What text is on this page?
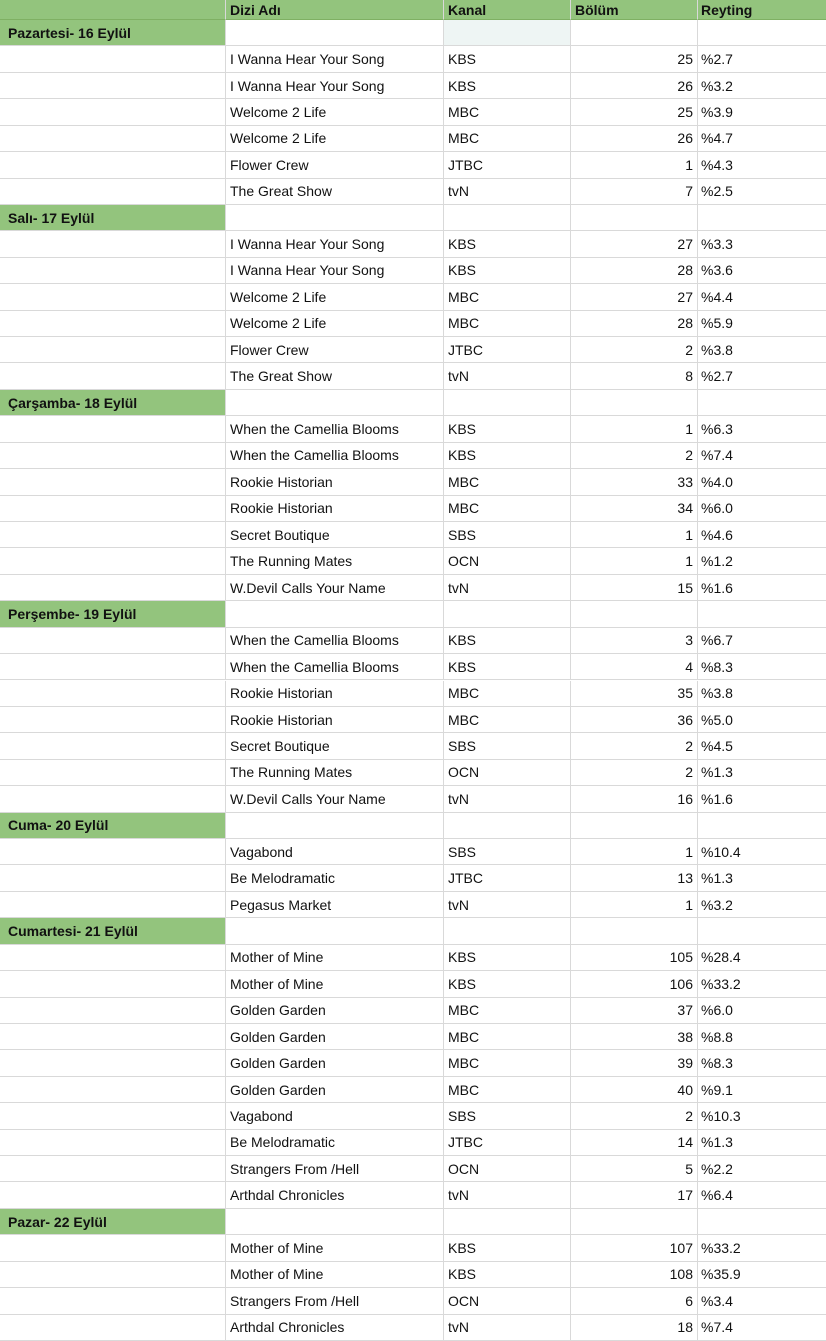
Dizi Adı	Kanal	Bölüm	Reyting
Pazartesi- 16 Eylül
I Wanna Hear Your Song	KBS	25 %2.7
I Wanna Hear Your Song	KBS	26 %3.2
Welcome 2 Life	MBC	25 %3.9
Welcome 2 Life	MBC	26 %4.7
Flower Crew	JTBC	1 %4.3
The Great Show	tvN	7 %2.5
Salı- 17 Eylül
I Wanna Hear Your Song	KBS	27 %3.3
I Wanna Hear Your Song	KBS	28 %3.6
Welcome 2 Life	MBC	27 %4.4
Welcome 2 Life	MBC	28 %5.9
Flower Crew	JTBC	2 %3.8
The Great Show	tvN	8 %2.7
Çarşamba- 18 Eylül
When the Camellia Blooms	KBS	1 %6.3
When the Camellia Blooms	KBS	2 %7.4
Rookie Historian	MBC	33 %4.0
Rookie Historian	MBC	34 %6.0
Secret Boutique	SBS	1 %4.6
The Running Mates	OCN	1 %1.2
W.Devil Calls Your Name	tvN	15 %1.6
Perşembe- 19 Eylül
When the Camellia Blooms	KBS	3 %6.7
When the Camellia Blooms	KBS	4 %8.3
Rookie Historian	MBC	35 %3.8
Rookie Historian	MBC	36 %5.0
Secret Boutique	SBS	2 %4.5
The Running Mates	OCN	2 %1.3
W.Devil Calls Your Name	tvN	16 %1.6
Cuma- 20 Eylül
Vagabond	SBS	1 %10.4
Be Melodramatic	JTBC	13 %1.3
Pegasus Market	tvN	1 %3.2
Cumartesi- 21 Eylül
Mother of Mine	KBS	105 %28.4
Mother of Mine	KBS	106 %33.2
Golden Garden	MBC	37 %6.0
Golden Garden	MBC	38 %8.8
Golden Garden	MBC	39 %8.3
Golden Garden	MBC	40 %9.1
Vagabond	SBS	2 %10.3
Be Melodramatic	JTBC	14 %1.3
Strangers From /Hell	OCN	5 %2.2
Arthdal Chronicles	tvN	17 %6.4
Pazar- 22 Eylül
Mother of Mine	KBS	107 %33.2
Mother of Mine	KBS	108 %35.9
Strangers From /Hell	OCN	6 %3.4
Arthdal Chronicles	tvN	18 %7.4
